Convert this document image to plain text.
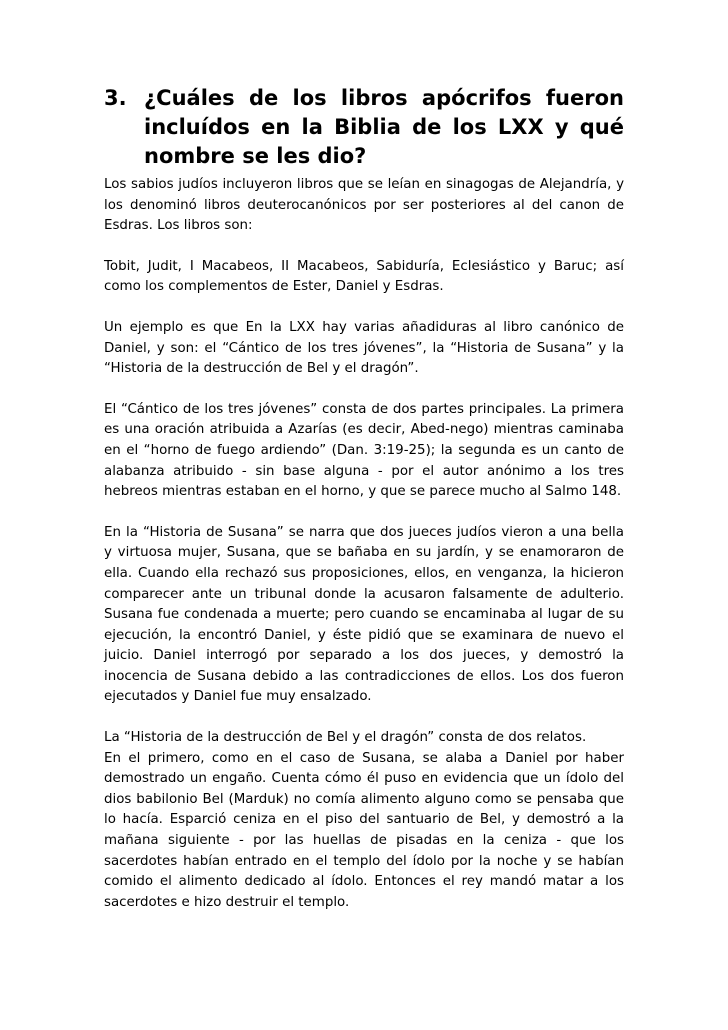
3. ¿Cuáles de los libros apócrifos fueron incluídos en la Biblia de los LXX y qué nombre se les dio?

Los sabios judíos incluyeron libros que se leían en sinagogas de Alejandría, y los denominó libros deuterocanónicos por ser posteriores al del canon de Esdras. Los libros son:

Tobit, Judit, I Macabeos, II Macabeos, Sabiduría, Eclesiástico y Baruc; así como los complementos de Ester, Daniel y Esdras.

Un ejemplo es que En la LXX hay varias añadiduras al libro canónico de Daniel, y son: el “Cántico de los tres jóvenes”, la “Historia de Susana” y la “Historia de la destrucción de Bel y el dragón”.

El “Cántico de los tres jóvenes” consta de dos partes principales. La primera es una oración atribuida a Azarías (es decir, Abed-nego) mientras caminaba en el “horno de fuego ardiendo” (Dan. 3:19-25); la segunda es un canto de alabanza atribuido - sin base alguna - por el autor anónimo a los tres hebreos mientras estaban en el horno, y que se parece mucho al Salmo 148.

En la “Historia de Susana” se narra que dos jueces judíos vieron a una bella y virtuosa mujer, Susana, que se bañaba en su jardín, y se enamoraron de ella. Cuando ella rechazó sus proposiciones, ellos, en venganza, la hicieron comparecer ante un tribunal donde la acusaron falsamente de adulterio. Susana fue condenada a muerte; pero cuando se encaminaba al lugar de su ejecución, la encontró Daniel, y éste pidió que se examinara de nuevo el juicio. Daniel interrogó por separado a los dos jueces, y demostró la inocencia de Susana debido a las contradicciones de ellos. Los dos fueron ejecutados y Daniel fue muy ensalzado.

La “Historia de la destrucción de Bel y el dragón” consta de dos relatos.

En el primero, como en el caso de Susana, se alaba a Daniel por haber demostrado un engaño. Cuenta cómo él puso en evidencia que un ídolo del dios babilonio Bel (Marduk) no comía alimento alguno como se pensaba que lo hacía. Esparció ceniza en el piso del santuario de Bel, y demostró a la mañana siguiente - por las huellas de pisadas en la ceniza - que los sacerdotes habían entrado en el templo del ídolo por la noche y se habían comido el alimento dedicado al ídolo. Entonces el rey mandó matar a los sacerdotes e hizo destruir el templo.
